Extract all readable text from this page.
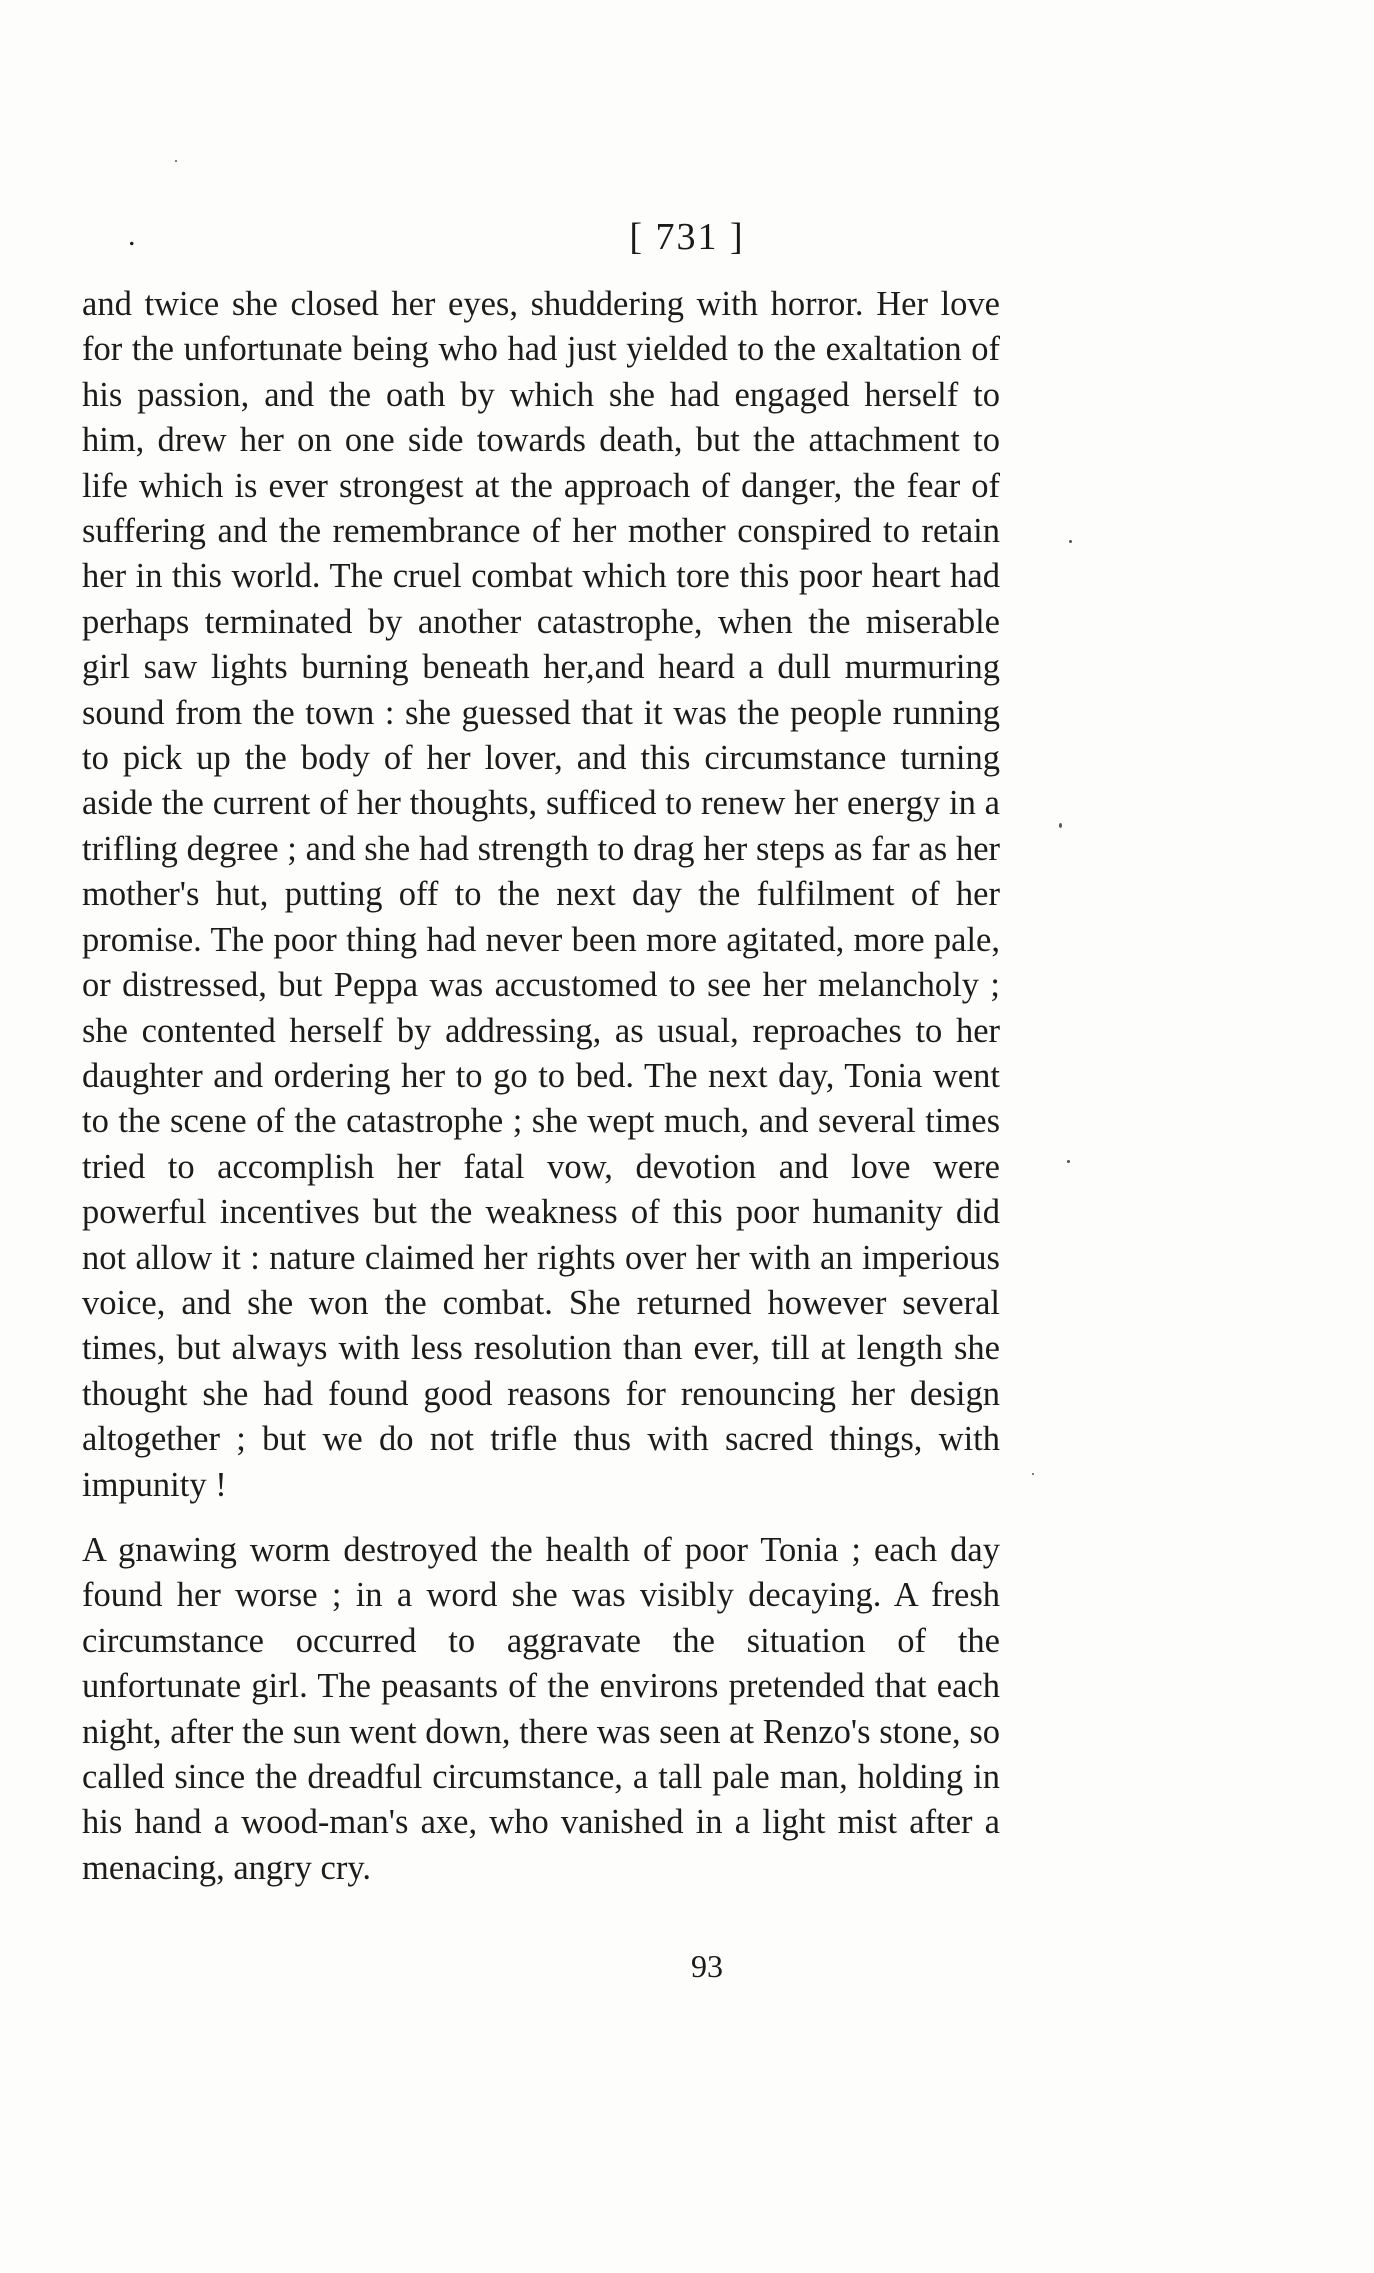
.	[ 731 ]

and twice she closed her eyes, shuddering with horror. Her love for the unfortunate being who had just yielded to the exaltation of his passion, and the oath by which she had engaged herself to him, drew her on one side towards death, but the attachment to life which is ever strongest at the approach of danger, the fear of suffering and the remembrance of her mother conspired to retain her in this world. The cruel combat which tore this poor heart had perhaps terminated by another catastrophe, when the miserable girl saw lights burning beneath her,and heard a dull murmuring sound from the town : she guessed that it was the people running to pick up the body of her lover, and this circumstance turning aside the current of her thoughts, sufficed to renew her energy in a trifling degree ; and she had strength to drag her steps as far as her mother's hut, putting off to the next day the fulfilment of her promise. The poor thing had never been more agitated, more pale, or distressed, but Peppa was accustomed to see her melancholy ; she contented herself by addressing, as usual, reproaches to her daughter and ordering her to go to bed. The next day, Tonia went to the scene of the catastrophe ; she wept much, and several times tried to accomplish her fatal vow, devotion and love were powerful incentives but the weakness of this poor humanity did not allow it : nature claimed her rights over her with an imperious voice, and she won the combat. She returned however several times, but always with less resolution than ever, till at length she thought she had found good reasons for renouncing her design altogether ; but we do not trifle thus with sacred things, with impunity !

A gnawing worm destroyed the health of poor Tonia ; each day found her worse ; in a word she was visibly decaying. A fresh circumstance occurred to aggravate the situation of the unfortunate girl. The peasants of the environs pretended that each night, after the sun went down, there was seen at Renzo's stone, so called since the dreadful circumstance, a tall pale man, holding in his hand a wood-man's axe, who vanished in a light mist after a menacing, angry cry.

93
